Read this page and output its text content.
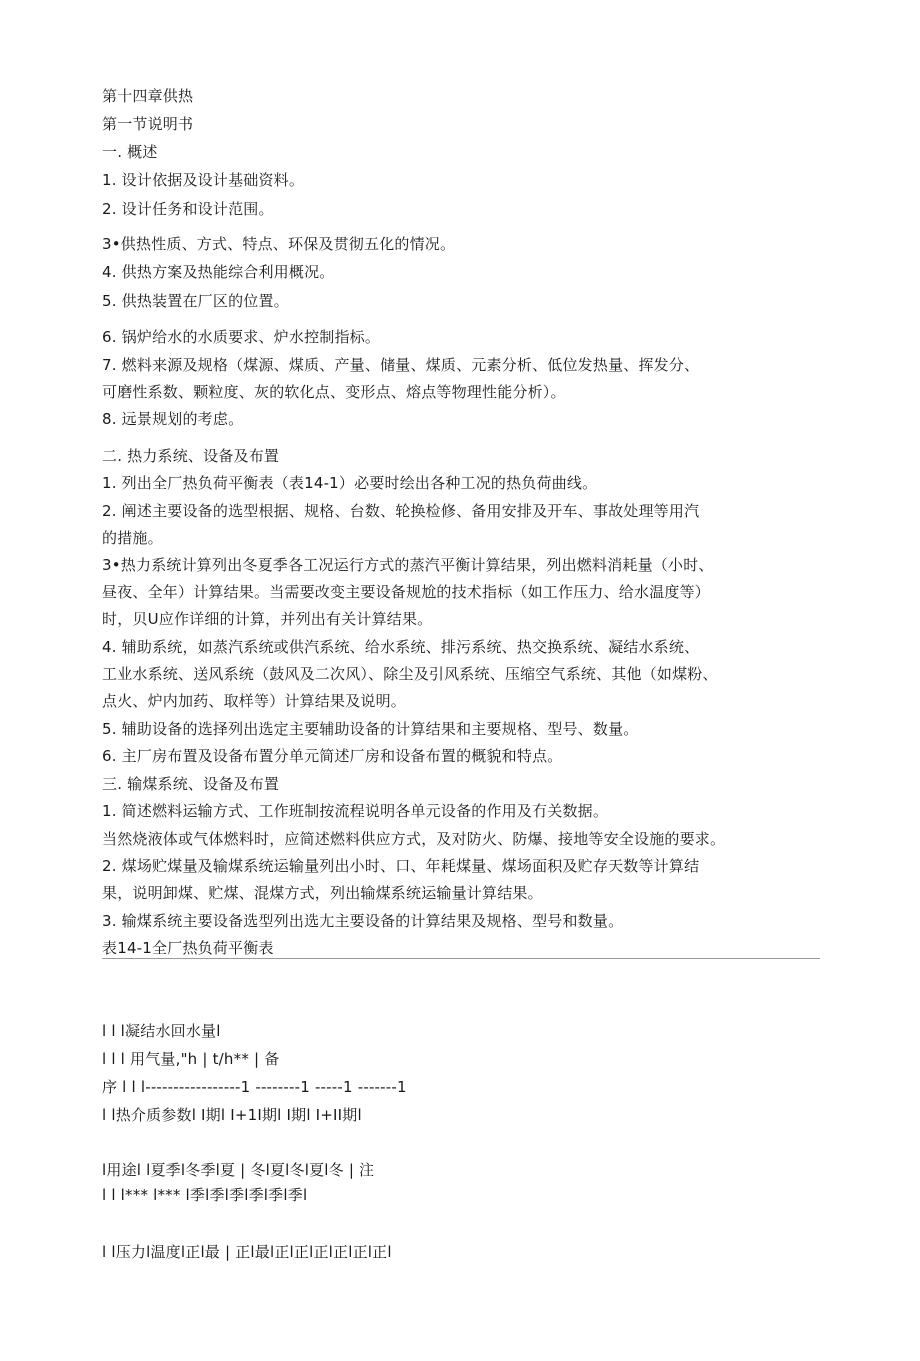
第十四章供热
第一节说明书
一. 概述
1. 设计依据及设计基础资料。
2. 设计任务和设计范围。
3•供热性质、方式、特点、环保及贯彻五化的情况。
4. 供热方案及热能综合利用概况。
5. 供热装置在厂区的位置。
6. 锅炉给水的水质要求、炉水控制指标。
7. 燃料来源及规格（煤源、煤质、产量、储量、煤质、元素分析、低位发热量、挥发分、
可磨性系数、颗粒度、灰的软化点、变形点、熔点等物理性能分析）。
8. 远景规划的考虑。
二. 热力系统、设备及布置
1. 列出全厂热负荷平衡表（表14-1）必要时绘出各种工况的热负荷曲线。
2. 阐述主要设备的选型根据、规格、台数、轮换检修、备用安排及开车、事故处理等用汽
的措施。
3•热力系统计算列出冬夏季各工况运行方式的蒸汽平衡计算结果，列出燃料消耗量（小时、
昼夜、全年）计算结果。当需要改变主要设备规尬的技术指标（如工作压力、给水温度等）
时，贝U应作详细的计算，并列出有关计算结果。
4. 辅助系统，如蒸汽系统或供汽系统、给水系统、排污系统、热交换系统、凝结水系统、
工业水系统、送风系统（鼓风及二次风）、除尘及引风系统、压缩空气系统、其他（如煤粉、
点火、炉内加药、取样等）计算结果及说明。
5. 辅助设备的选择列出选定主要辅助设备的计算结果和主要规格、型号、数量。
6. 主厂房布置及设备布置分单元简述厂房和设备布置的概貌和特点。
三. 输煤系统、设备及布置
1. 简述燃料运输方式、工作班制按流程说明各单元设备的作用及冇关数据。
当然烧液体或气体燃料时，应简述燃料供应方式，及对防火、防爆、接地等安全设施的要求。
2. 煤场贮煤量及输煤系统运输量列出小时、口、年耗煤量、煤场面积及贮存天数等计算结
果，说明卸煤、贮煤、混煤方式，列出输煤系统运输量计算结果。
3. 输煤系统主要设备选型列出选尢主要设备的计算结果及规格、型号和数量。
表14-1全厂热负荷平衡表
l l l凝结水回水量l
l l l 用气量,"h | t/h** | 备
序 l l l-----------------1 --------1 -----1 -------1
l l热介质参数l I期l I+1I期l I期l I+II期l
l用途l l夏季l冬季l夏 | 冬l夏l冬l夏l冬 | 注
l l l*** l*** l季l季l季l季l季l季l
l l压力l温度l正l最 | 正l最l正l正l正l正l正l正l
